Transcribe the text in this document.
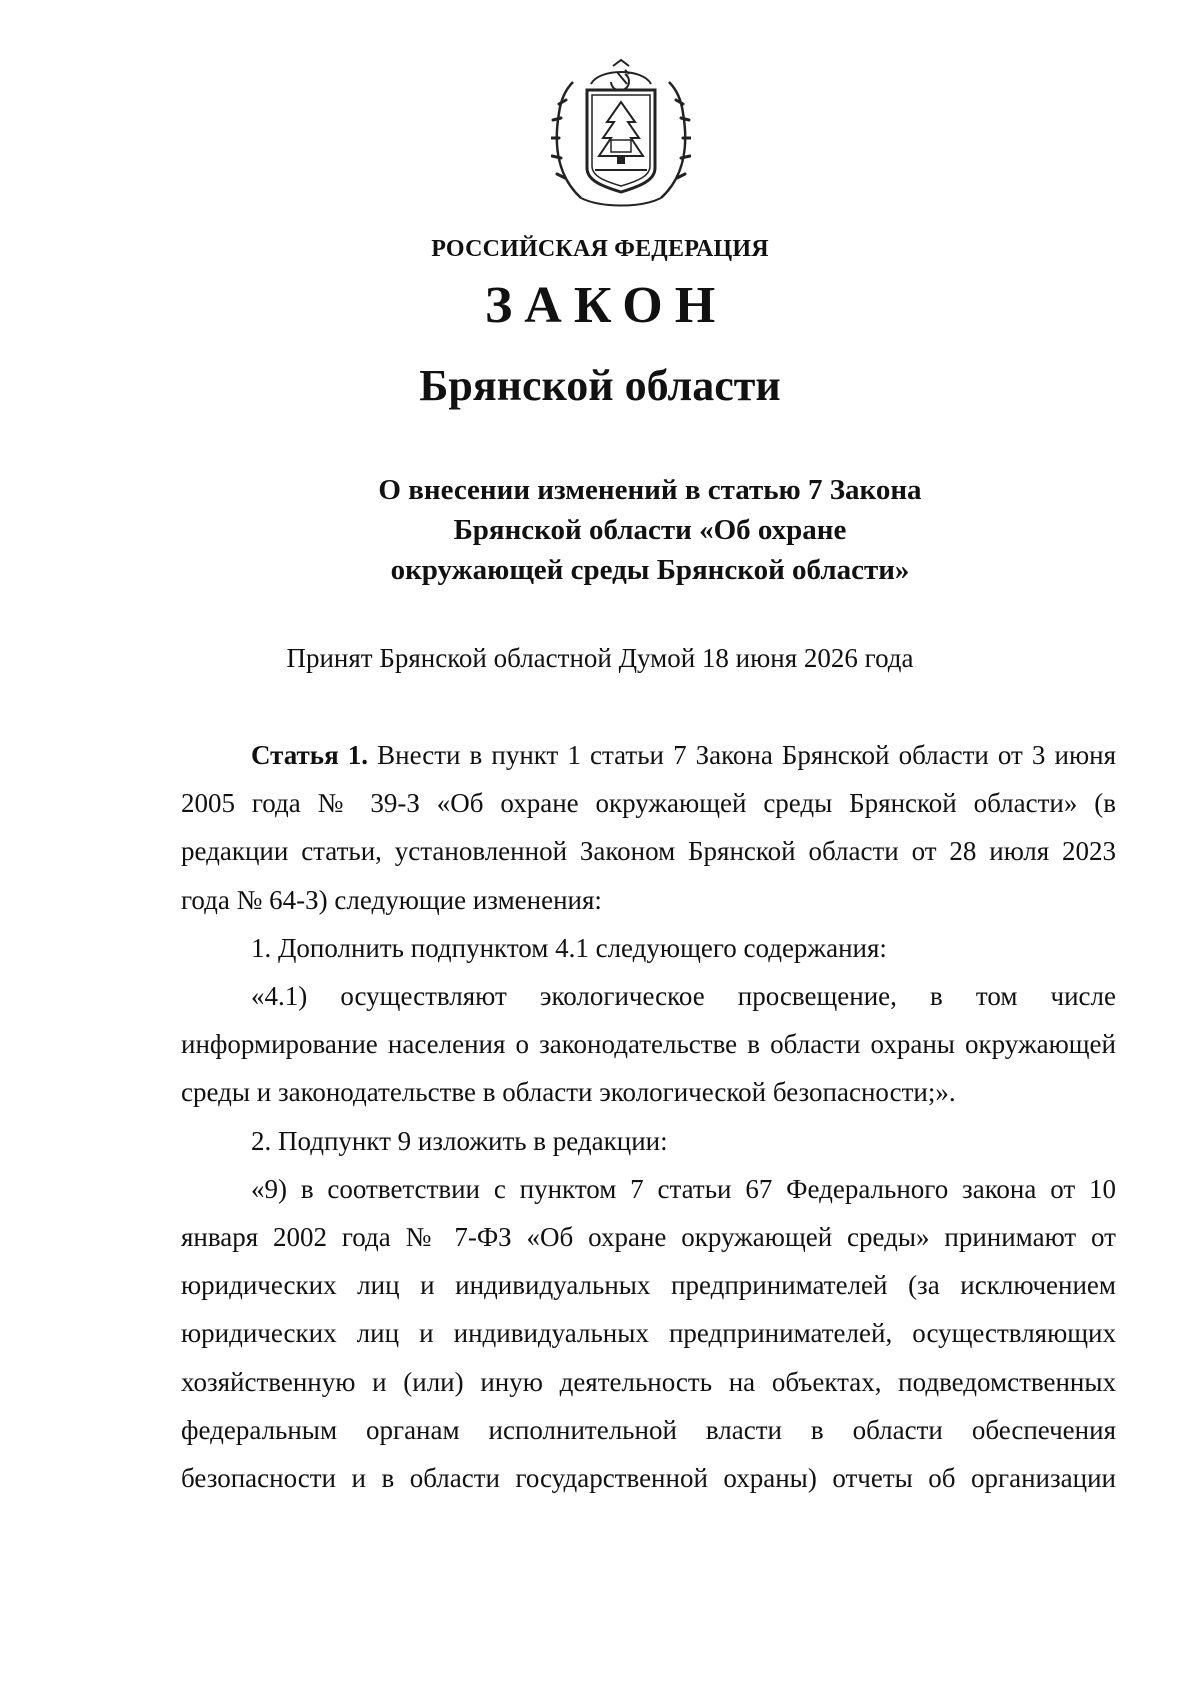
РОССИЙСКАЯ ФЕДЕРАЦИЯ
ЗАКОН
Брянской области
О внесении изменений в статью 7 Закона
Брянской области «Об охране
окружающей среды Брянской области»
Принят Брянской областной Думой 18 июня 2026 года

Статья 1. Внести в пункт 1 статьи 7 Закона Брянской области от 3 июня 2005 года № 39-З «Об охране окружающей среды Брянской области» (в редакции статьи, установленной Законом Брянской области от 28 июля 2023 года № 64-З) следующие изменения:

1. Дополнить подпунктом 4.1 следующего содержания:

«4.1) осуществляют экологическое просвещение, в том числе информирование населения о законодательстве в области охраны окружающей среды и законодательстве в области экологической безопасности;».

2. Подпункт 9 изложить в редакции:

«9) в соответствии с пунктом 7 статьи 67 Федерального закона от 10 января 2002 года № 7-ФЗ «Об охране окружающей среды» принимают от юридических лиц и индивидуальных предпринимателей (за исключением юридических лиц и индивидуальных предпринимателей, осуществляющих хозяйственную и (или) иную деятельность на объектах, подведомственных федеральным органам исполнительной власти в области обеспечения безопасности и в области государственной охраны) отчеты об организации
